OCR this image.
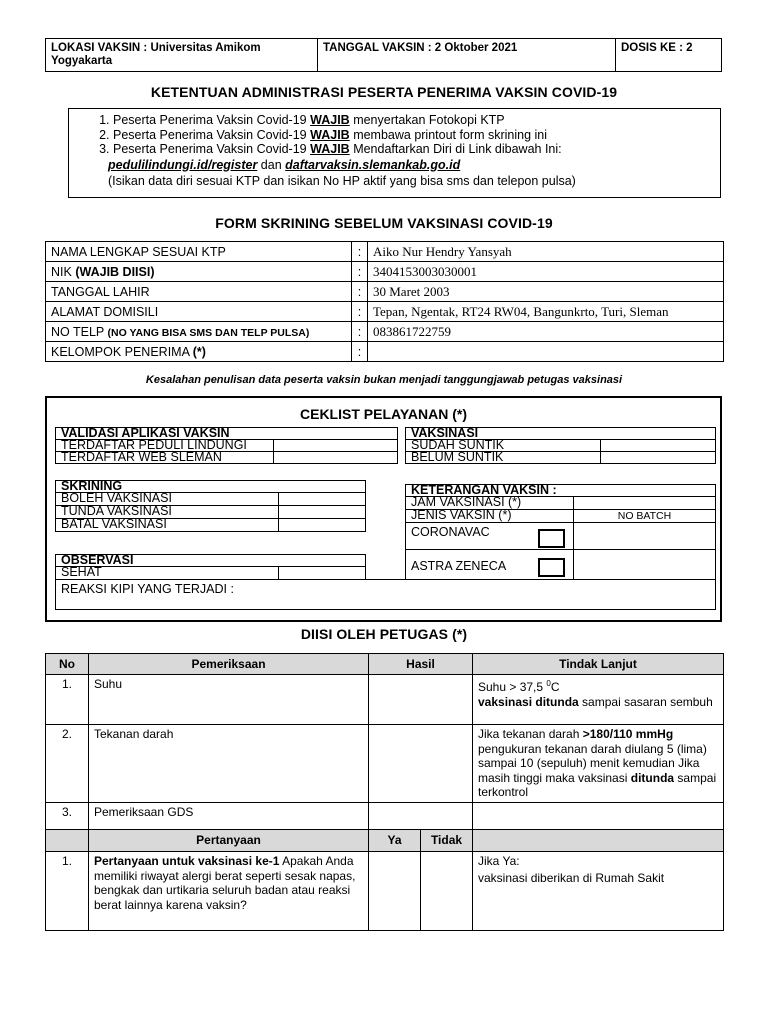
LOKASI VAKSIN : Universitas Amikom Yogyakarta	TANGGAL VAKSIN : 2 Oktober 2021	DOSIS KE : 2
KETENTUAN ADMINISTRASI PESERTA PENERIMA VAKSIN COVID-19
1. Peserta Penerima Vaksin Covid-19 WAJIB menyertakan Fotokopi KTP
2. Peserta Penerima Vaksin Covid-19 WAJIB membawa printout form skrining ini
3. Peserta Penerima Vaksin Covid-19 WAJIB Mendaftarkan Diri di Link dibawah Ini:
pedulilindungi.id/register dan daftarvaksin.slemankab.go.id
(Isikan data diri sesuai KTP dan isikan No HP aktif yang bisa sms dan telepon pulsa)
FORM SKRINING SEBELUM VAKSINASI COVID-19
NAMA LENGKAP SESUAI KTP	:	Aiko Nur Hendry Yansyah
NIK (WAJIB DIISI)	:	3404153003030001
TANGGAL LAHIR	:	30 Maret 2003
ALAMAT DOMISILI	:	Tepan, Ngentak, RT24 RW04, Bangunkrto, Turi, Sleman
NO TELP (NO YANG BISA SMS DAN TELP PULSA)	:	083861722759
KELOMPOK PENERIMA (*)	:	
Kesalahan penulisan data peserta vaksin bukan menjadi tanggungjawab petugas vaksinasi
CEKLIST PELAYANAN (*)
VALIDASI APLIKASI VAKSIN
TERDAFTAR PEDULI LINDUNGI
TERDAFTAR WEB SLEMAN
VAKSINASI
SUDAH SUNTIK
BELUM SUNTIK
SKRINING
BOLEH VAKSINASI
TUNDA VAKSINASI
BATAL VAKSINASI
KETERANGAN VAKSIN :
JAM VAKSINASI (*)
JENIS VAKSIN (*)	NO BATCH
CORONAVAC
ASTRA ZENECA
OBSERVASI
SEHAT
REAKSI KIPI YANG TERJADI :
DIISI OLEH PETUGAS (*)
No	Pemeriksaan	Hasil		Tindak Lanjut
1.	Suhu			Suhu > 37,5 $^0$C
vaksinasi ditunda sampai sasaran sembuh
2.	Tekanan darah			Jika tekanan darah >180/110 mmHg pengukuran tekanan darah diulang 5 (lima) sampai 10 (sepuluh) menit kemudian Jika masih tinggi maka vaksinasi ditunda sampai terkontrol
3.	Pemeriksaan GDS			
	Pertanyaan	Ya	Tidak	
1.	Pertanyaan untuk vaksinasi ke-1 Apakah Anda memiliki riwayat alergi berat seperti sesak napas, bengkak dan urtikaria seluruh badan atau reaksi berat lainnya karena vaksin?			Jika Ya:
vaksinasi diberikan di Rumah Sakit
